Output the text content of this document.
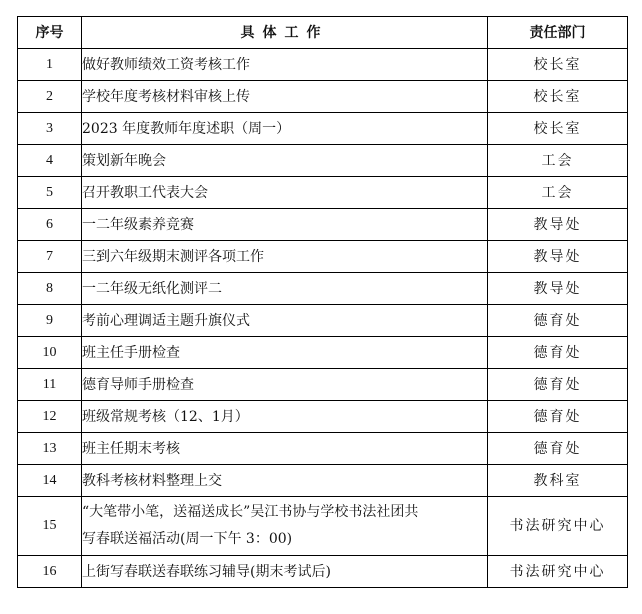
序号	具体工作	责任部门
1	做好教师绩效工资考核工作	校长室
2	学校年度考核材料审核上传	校长室
3	2023 年度教师年度述职（周一）	校长室
4	策划新年晚会	工会
5	召开教职工代表大会	工会
6	一二年级素养竞赛	教导处
7	三到六年级期末测评各项工作	教导处
8	一二年级无纸化测评二	教导处
9	考前心理调适主题升旗仪式	德育处
10	班主任手册检查	德育处
11	德育导师手册检查	德育处
12	班级常规考核（12、1月）	德育处
13	班主任期末考核	德育处
14	教科考核材料整理上交	教科室
15	“大笔带小笔，送福送成长”吴江书协与学校书法社团共
写春联送福活动(周一下午 3：00)	书法研究中心
16	上街写春联送春联练习辅导(期末考试后)	书法研究中心
